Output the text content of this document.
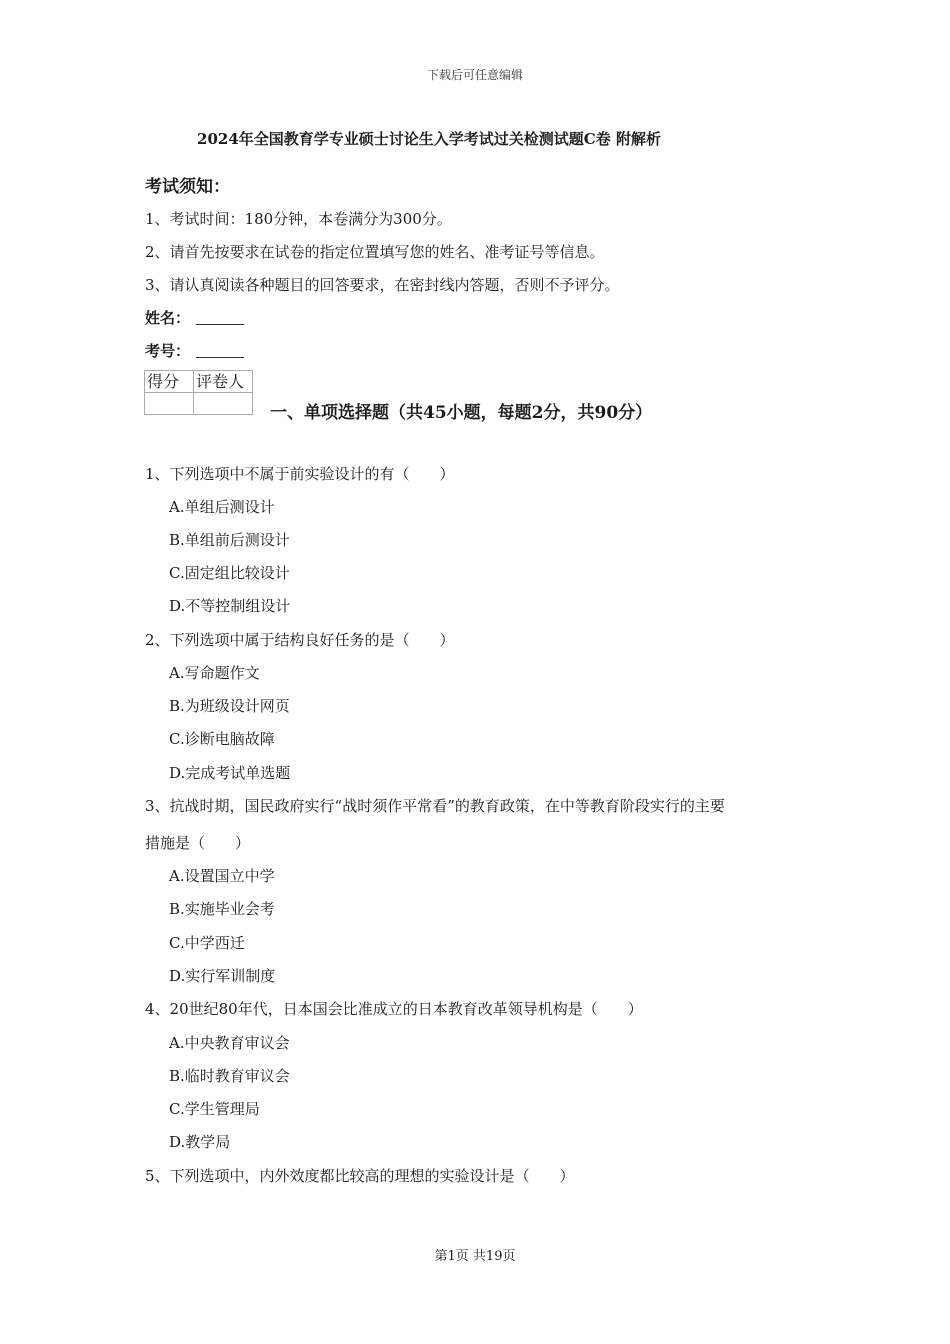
下载后可任意编辑
2024年全国教育学专业硕士讨论生入学考试过关检测试题C卷 附解析
考试须知：
1、考试时间：180分钟，本卷满分为300分。
2、请首先按要求在试卷的指定位置填写您的姓名、准考证号等信息。
3、请认真阅读各种题目的回答要求，在密封线内答题，否则不予评分。
姓名：
考号：
得分	评卷人

一、单项选择题（共45小题，每题2分，共90分）
1、下列选项中不属于前实验设计的有（　　）
A.单组后测设计
B.单组前后测设计
C.固定组比较设计
D.不等控制组设计
2、下列选项中属于结构良好任务的是（　　）
A.写命题作文
B.为班级设计网页
C.诊断电脑故障
D.完成考试单选题
3、抗战时期，国民政府实行“战时须作平常看”的教育政策，在中等教育阶段实行的主要
措施是（　　）
A.设置国立中学
B.实施毕业会考
C.中学西迁
D.实行军训制度
4、20世纪80年代，日本国会比准成立的日本教育改革领导机构是（　　）
A.中央教育审议会
B.临时教育审议会
C.学生管理局
D.教学局
5、下列选项中，内外效度都比较高的理想的实验设计是（　　）
第1页 共19页
